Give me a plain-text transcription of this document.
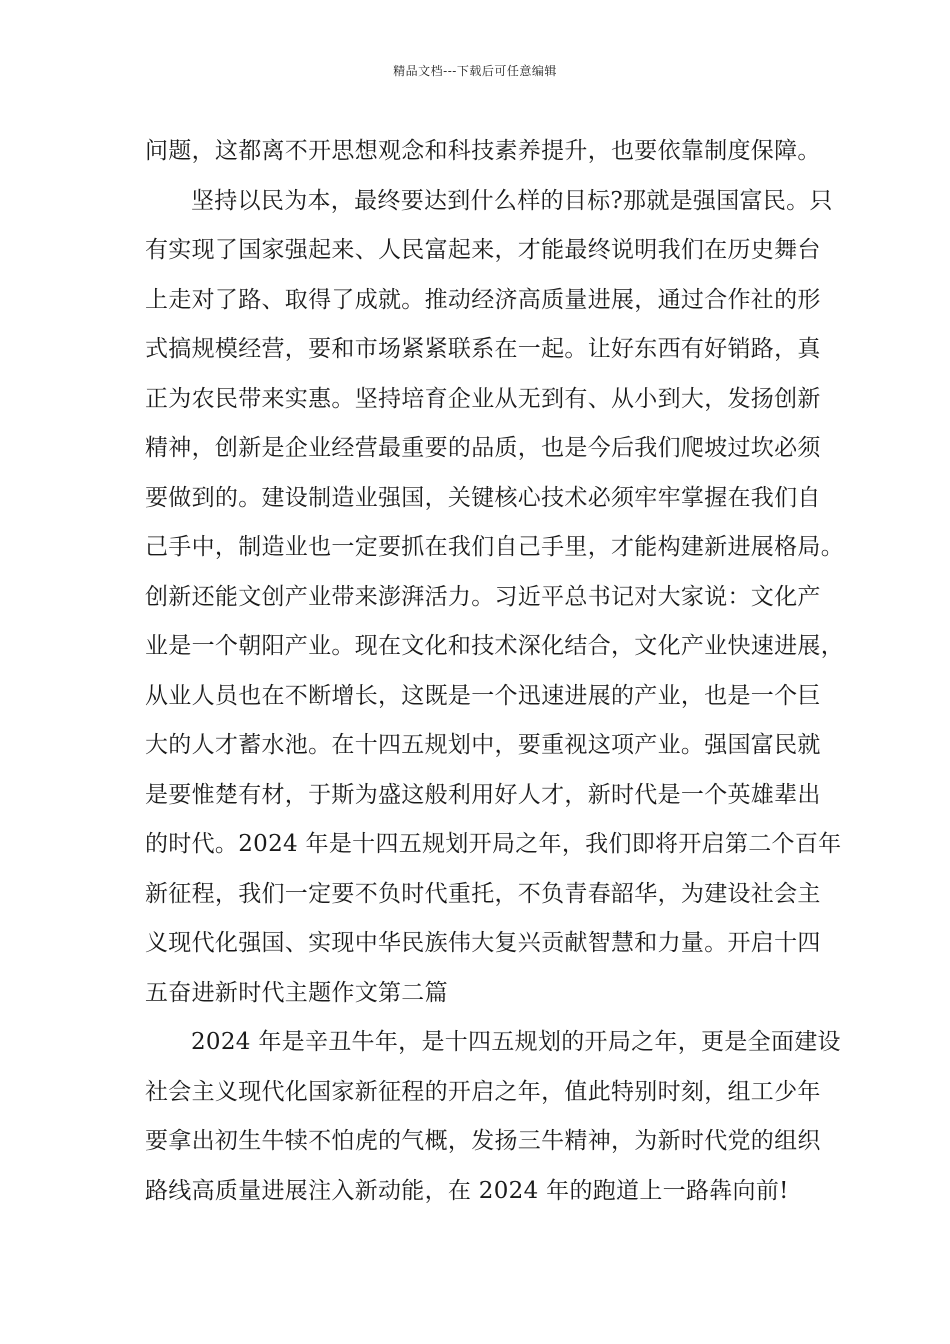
精品文档---下载后可任意编辑
问题，这都离不开思想观念和科技素养提升，也要依靠制度保障。
坚持以民为本，最终要达到什么样的目标?那就是强国富民。只
有实现了国家强起来、人民富起来，才能最终说明我们在历史舞台
上走对了路、取得了成就。推动经济高质量进展，通过合作社的形
式搞规模经营，要和市场紧紧联系在一起。让好东西有好销路，真
正为农民带来实惠。坚持培育企业从无到有、从小到大，发扬创新
精神，创新是企业经营最重要的品质，也是今后我们爬坡过坎必须
要做到的。建设制造业强国，关键核心技术必须牢牢掌握在我们自
己手中，制造业也一定要抓在我们自己手里，才能构建新进展格局。
创新还能文创产业带来澎湃活力。习近平总书记对大家说：文化产
业是一个朝阳产业。现在文化和技术深化结合，文化产业快速进展，
从业人员也在不断增长，这既是一个迅速进展的产业，也是一个巨
大的人才蓄水池。在十四五规划中，要重视这项产业。强国富民就
是要惟楚有材，于斯为盛这般利用好人才，新时代是一个英雄辈出
的时代。2024 年是十四五规划开局之年，我们即将开启第二个百年
新征程，我们一定要不负时代重托，不负青春韶华，为建设社会主
义现代化强国、实现中华民族伟大复兴贡献智慧和力量。开启十四
五奋进新时代主题作文第二篇
2024 年是辛丑牛年，是十四五规划的开局之年，更是全面建设
社会主义现代化国家新征程的开启之年，值此特别时刻，组工少年
要拿出初生牛犊不怕虎的气概，发扬三牛精神，为新时代党的组织
路线高质量进展注入新动能，在 2024 年的跑道上一路犇向前!
